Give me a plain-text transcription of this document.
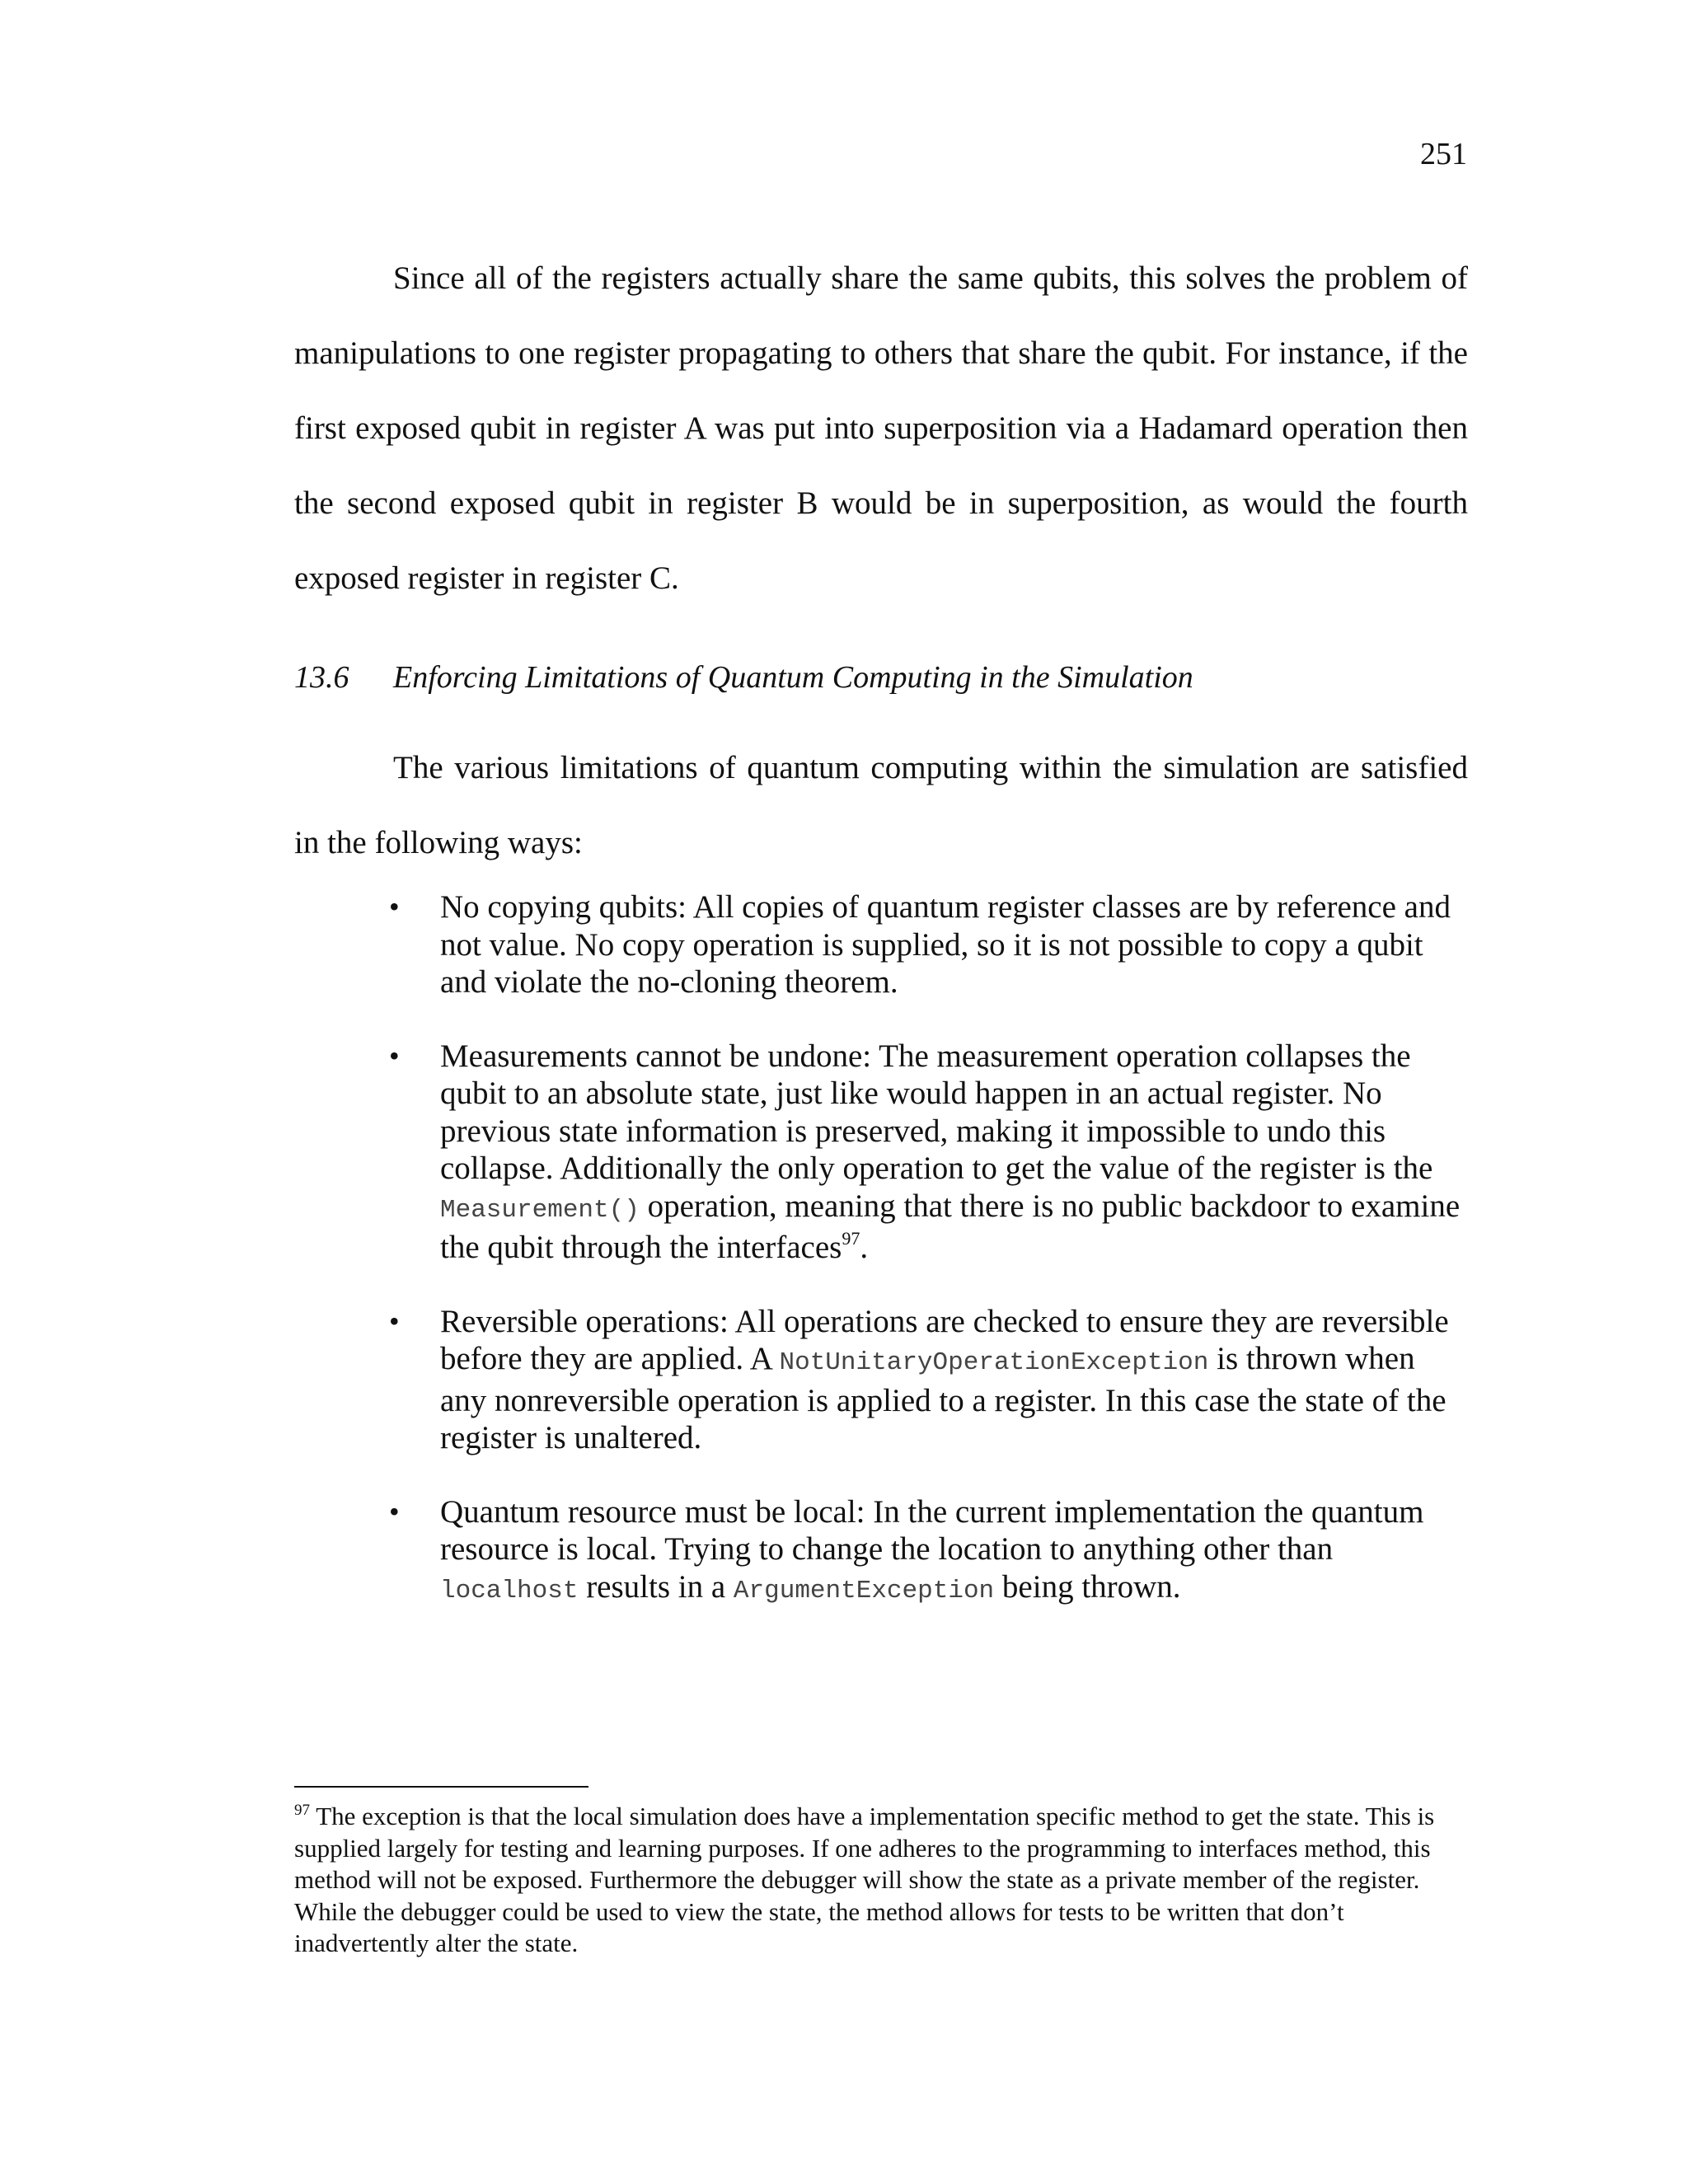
251

Since all of the registers actually share the same qubits, this solves the problem of manipulations to one register propagating to others that share the qubit. For instance, if the first exposed qubit in register A was put into superposition via a Hadamard operation then the second exposed qubit in register B would be in superposition, as would the fourth exposed register in register C.

13.6 Enforcing Limitations of Quantum Computing in the Simulation

The various limitations of quantum computing within the simulation are satisfied in the following ways:

• No copying qubits: All copies of quantum register classes are by reference and not value. No copy operation is supplied, so it is not possible to copy a qubit and violate the no-cloning theorem.
• Measurements cannot be undone: The measurement operation collapses the qubit to an absolute state, just like would happen in an actual register. No previous state information is preserved, making it impossible to undo this collapse. Additionally the only operation to get the value of the register is the Measurement() operation, meaning that there is no public backdoor to examine the qubit through the interfaces$^{97}$.
• Reversible operations: All operations are checked to ensure they are reversible before they are applied. A NotUnitaryOperationException is thrown when any nonreversible operation is applied to a register. In this case the state of the register is unaltered.
• Quantum resource must be local: In the current implementation the quantum resource is local. Trying to change the location to anything other than localhost results in a ArgumentException being thrown.
$^{97}$ The exception is that the local simulation does have a implementation specific method to get the state. This is supplied largely for testing and learning purposes. If one adheres to the programming to interfaces method, this method will not be exposed. Furthermore the debugger will show the state as a private member of the register. While the debugger could be used to view the state, the method allows for tests to be written that don’t inadvertently alter the state.
